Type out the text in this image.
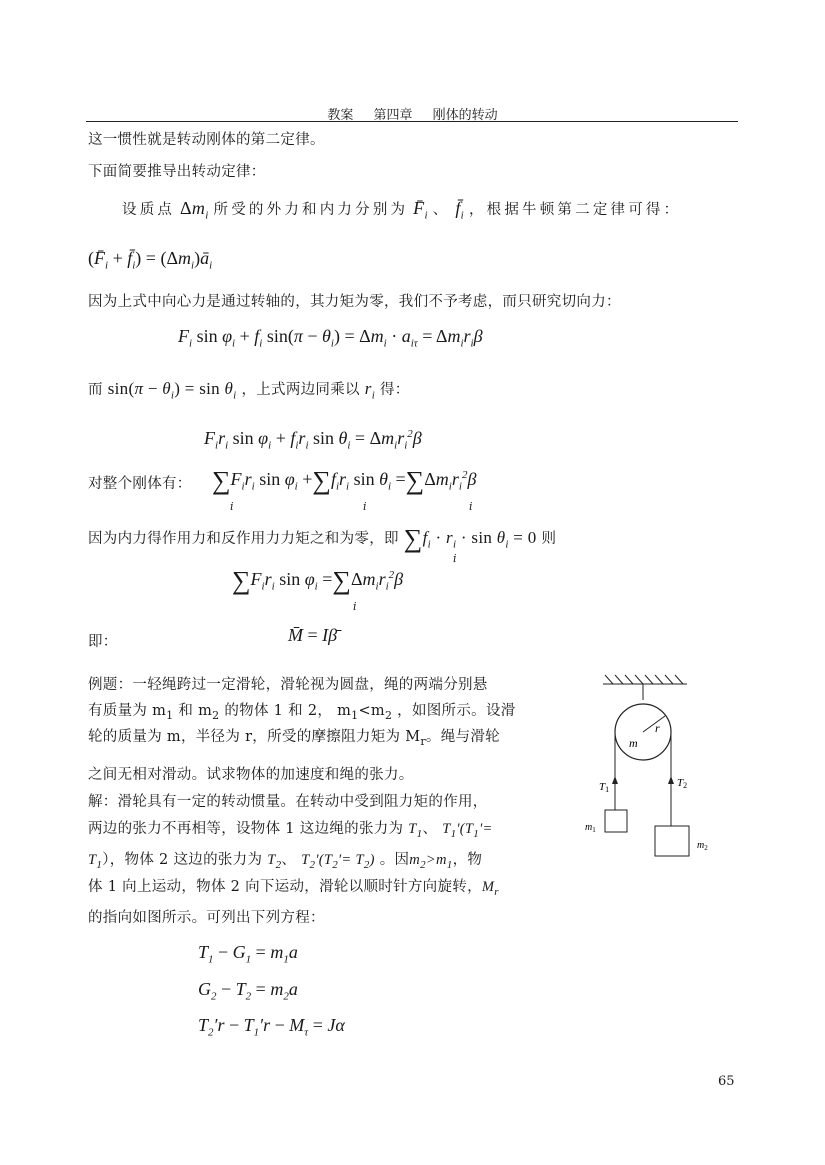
教案 第四章 刚体的转动
这一惯性就是转动刚体的第二定律。
下面简要推导出转动定律：
设质点 $\Delta m_i$ 所受的外力和内力分别为 $F̄_i$ 、 $f̄_i$ ，根据牛顿第二定律可得：
($F̄_i$ + $f̄_i$) = $(\Delta m_i)ā_i$
因为上式中向心力是通过转轴的，其力矩为零，我们不予考虑，而只研究切向力：
$F_i$ $\sin \varphi_i + f_i$ $\sin(\pi - \theta_i) = \Delta m_i \cdot a_{i\tau} = \Delta m_ir_i\beta$
而 $\sin(\pi - \theta_i) = \sin \theta_i$ ，上式两边同乘以 $r_i$ 得：
$F_ir_i$ $\sin \varphi_i + f_ir_i$ $\sin \theta_i = \Delta m_ir_i^2\beta$
对整个刚体有： $\sum F_ir_i$ $\sin \varphi_i +\sum f_ir_i$ $\sin \theta_i =\sum\Delta m_ir_i^2\beta$
i	i	i
因为内力得作用力和反作用力力矩之和为零，即 $\sum f_i \cdot r_i \cdot \sin \theta_i = 0$ 则
i
$\sum F_ir_i$ $\sin \varphi_i =\sum\Delta m_ir_i^2\beta$
i
即：	M̄ = Iβ̄
例题：一轻绳跨过一定滑轮，滑轮视为圆盘，绳的两端分别悬
有质量为 $m_1$ 和 $m_2$ 的物体 1 和 2， $m_1<m_2$ ，如图所示。设滑
轮的质量为 m，半径为 r，所受的摩擦阻力矩为 $M_r$。绳与滑轮
之间无相对滑动。试求物体的加速度和绳的张力。
解：滑轮具有一定的转动惯量。在转动中受到阻力矩的作用，
两边的张力不再相等，设物体 1 这边绳的张力为 $T_1$、 $T_1'(T_1'=$
$T_1$），物体 2 这边的张力为 $T_2$、 $T_2'(T_2'= T_2)$ 。因$m_2>m_1$，物
体 1 向上运动，物体 2 向下运动，滑轮以顺时针方向旋转，$M_r$
的指向如图所示。可列出下列方程：
$T_1 - G_1 = m_1a$
$G_2 - T_2 = m_2a$
$T_2'r - T_1'r - M_\tau = J\alpha$
m
r
T1
T2
$m_1$
$m_2$
65
